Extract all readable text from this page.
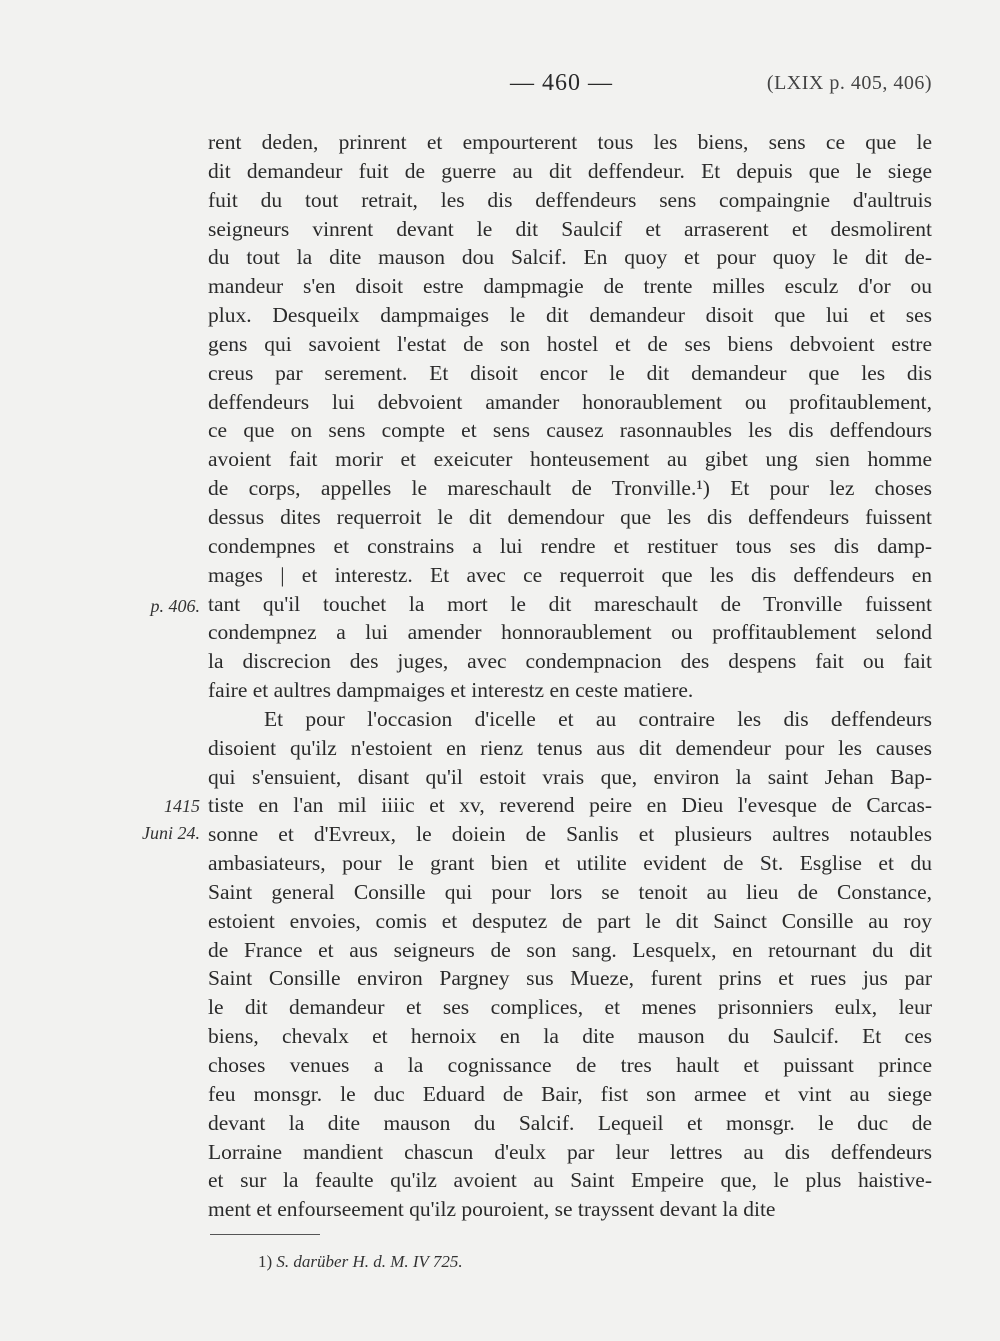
— 460 —	(LXIX p. 405, 406)
p. 406.
1415
Juni 24.

rent deden, prinrent et empourterent tous les biens, sens ce que le
dit demandeur fuit de guerre au dit deffendeur. Et depuis que le siege
fuit du tout retrait, les dis deffendeurs sens compaingnie d'aultruis
seigneurs vinrent devant le dit Saulcif et arraserent et desmolirent
du tout la dite mauson dou Salcif. En quoy et pour quoy le dit de-
mandeur s'en disoit estre dampmagie de trente milles esculz d'or ou
plux. Desqueilx dampmaiges le dit demandeur disoit que lui et ses
gens qui savoient l'estat de son hostel et de ses biens debvoient estre
creus par serement. Et disoit encor le dit demandeur que les dis
deffendeurs lui debvoient amander honoraublement ou profitaublement,
ce que on sens compte et sens causez rasonnaubles les dis deffendours
avoient fait morir et exeicuter honteusement au gibet ung sien homme
de corps, appelles le mareschault de Tronville.¹) Et pour lez choses
dessus dites requerroit le dit demendour que les dis deffendeurs fuissent
condempnes et constrains a lui rendre et restituer tous ses dis damp-
mages | et interestz. Et avec ce requerroit que les dis deffendeurs en
tant qu'il touchet la mort le dit mareschault de Tronville fuissent
condempnez a lui amender honnoraublement ou proffitaublement selond
la discrecion des juges, avec condempnacion des despens fait ou fait
faire et aultres dampmaiges et interestz en ceste matiere.

Et pour l'occasion d'icelle et au contraire les dis deffendeurs
disoient qu'ilz n'estoient en rienz tenus aus dit demendeur pour les causes
qui s'ensuient, disant qu'il estoit vrais que, environ la saint Jehan Bap-
tiste en l'an mil iiiic et xv, reverend peire en Dieu l'evesque de Carcas-
sonne et d'Evreux, le doiein de Sanlis et plusieurs aultres notaubles
ambasiateurs, pour le grant bien et utilite evident de St. Esglise et du
Saint general Consille qui pour lors se tenoit au lieu de Constance,
estoient envoies, comis et desputez de part le dit Sainct Consille au roy
de France et aus seigneurs de son sang. Lesquelx, en retournant du dit
Saint Consille environ Pargney sus Mueze, furent prins et rues jus par
le dit demandeur et ses complices, et menes prisonniers eulx, leur
biens, chevalx et hernoix en la dite mauson du Saulcif. Et ces
choses venues a la cognissance de tres hault et puissant prince
feu monsgr. le duc Eduard de Bair, fist son armee et vint au siege
devant la dite mauson du Salcif. Lequeil et monsgr. le duc de
Lorraine mandient chascun d'eulx par leur lettres au dis deffendeurs
et sur la feaulte qu'ilz avoient au Saint Empeire que, le plus haistive-
ment et enfourseement qu'ilz pouroient, se trayssent devant la dite

1) S. darüber H. d. M. IV 725.
